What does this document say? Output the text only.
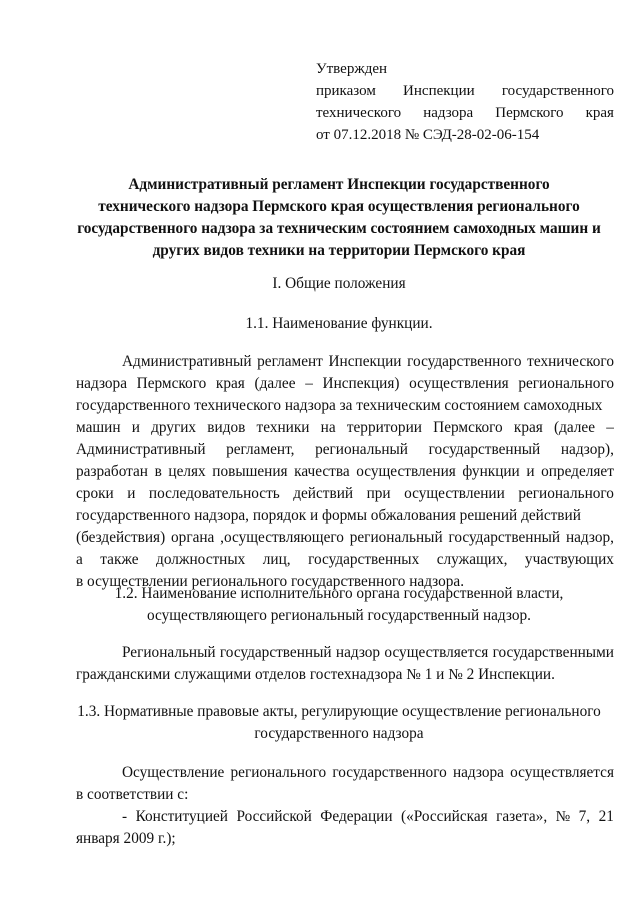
Утвержден
приказом Инспекции государственного
технического надзора Пермского края
от 07.12.2018 № СЭД-28-02-06-154
Административный регламент Инспекции государственного
технического надзора Пермского края осуществления регионального
государственного надзора за техническим состоянием самоходных машин и
других видов техники на территории Пермского края
I. Общие положения
1.1. Наименование функции.
Административный регламент Инспекции государственного технического
надзора Пермского края (далее – Инспекция) осуществления регионального
государственного технического надзора за техническим состоянием самоходных
машин и других видов техники на территории Пермского края (далее –
Административный регламент, региональный государственный надзор),
разработан в целях повышения качества осуществления функции и определяет
сроки и последовательность действий при осуществлении регионального
государственного надзора, порядок и формы обжалования решений действий
(бездействия) органа ,осуществляющего региональный государственный надзор,
а также должностных лиц, государственных служащих, участвующих
в осуществлении регионального государственного надзора.
1.2. Наименование исполнительного органа государственной власти,
осуществляющего региональный государственный надзор.
Региональный государственный надзор осуществляется государственными
гражданскими служащими отделов гостехнадзора № 1 и № 2 Инспекции.
1.3. Нормативные правовые акты, регулирующие осуществление регионального
государственного надзора
Осуществление регионального государственного надзора осуществляется
в соответствии с:
- Конституцией Российской Федерации («Российская газета», № 7, 21
января 2009 г.);
